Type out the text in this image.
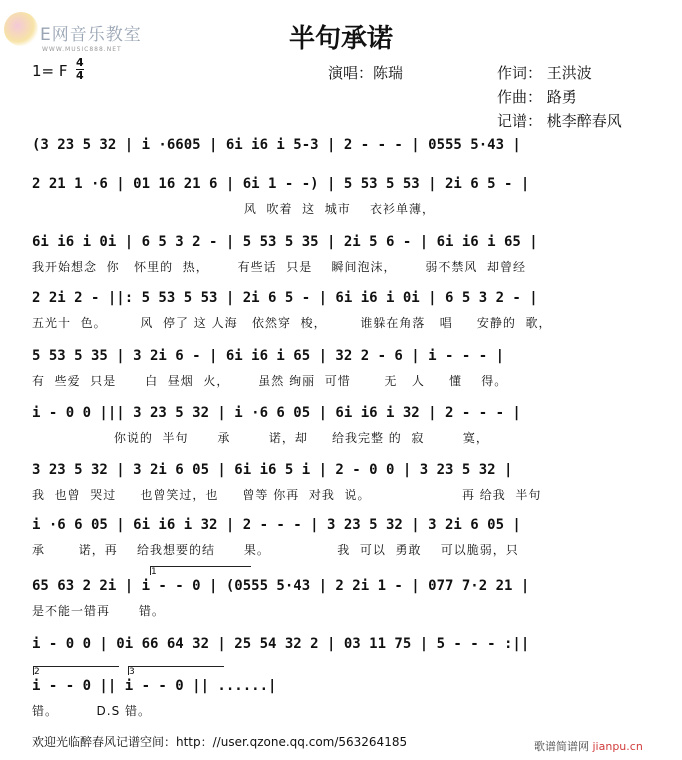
E网音乐教室
WWW.MUSIC888.NET	半句承诺
1= F 4
4	演唱：陈瑞	作词： 王洪波
作曲： 路勇
记谱： 桃李醉春风
(3 23 5 32 | i ·6605 | 6i i6 i 5-3 | 2 - - - | 0555 5·43 |
2 21 1 ·6 | 01 16 21 6 | 6i 1 - -) | 5 53 5 53 | 2i 6 5 - |
风  吹着  这  城市    衣衫单薄，
6i i6 i 0i | 6 5 3 2 - | 5 53 5 35 | 2i 5 6 - | 6i i6 i 65 |
我开始想念  你   怀里的  热，      有些话  只是    瞬间泡沫，      弱不禁风  却曾经
2 2i 2 - ||: 5 53 5 53 | 2i 6 5 - | 6i i6 i 0i | 6 5 3 2 - |
五光十  色。       风  停了 这 人海   依然穿  梭，       谁躲在角落   唱     安静的  歌，
5 53 5 35 | 3 2i 6 - | 6i i6 i 65 | 32 2 - 6 | i - - - |
有  些爱  只是      白  昼烟  火，      虽然 绚丽  可惜       无   人     懂    得。
i - 0 0 ||| 3 23 5 32 | i ·6 6 05 | 6i i6 i 32 | 2 - - - |
你说的  半句      承        诺，却     给我完整 的  寂        寞，
3 23 5 32 | 3 2i 6 05 | 6i i6 5 i | 2 - 0 0 | 3 23 5 32 |
我  也曾  哭过     也曾笑过，也     曾等 你再  对我  说。                   再 给我  半句
i ·6 6 05 | 6i i6 i 32 | 2 - - - | 3 23 5 32 | 3 2i 6 05 |
承       诺，再    给我想要的结      果。              我  可以  勇敢    可以脆弱，只
1
65 63 2 2i | i - - 0 | (0555 5·43 | 2 2i 1 - | 077 7·2 21 |
是不能一错再      错。
i - 0 0 | 0i 66 64 32 | 25 54 32 2 | 03 11 75 | 5 - - - :||
2	3
i - - 0 || i - - 0 || ......|
错。        D.S 错。
欢迎光临醉春风记谱空间：http：//user.qzone.qq.com/563264185	歌谱简谱网 jianpu.cn
